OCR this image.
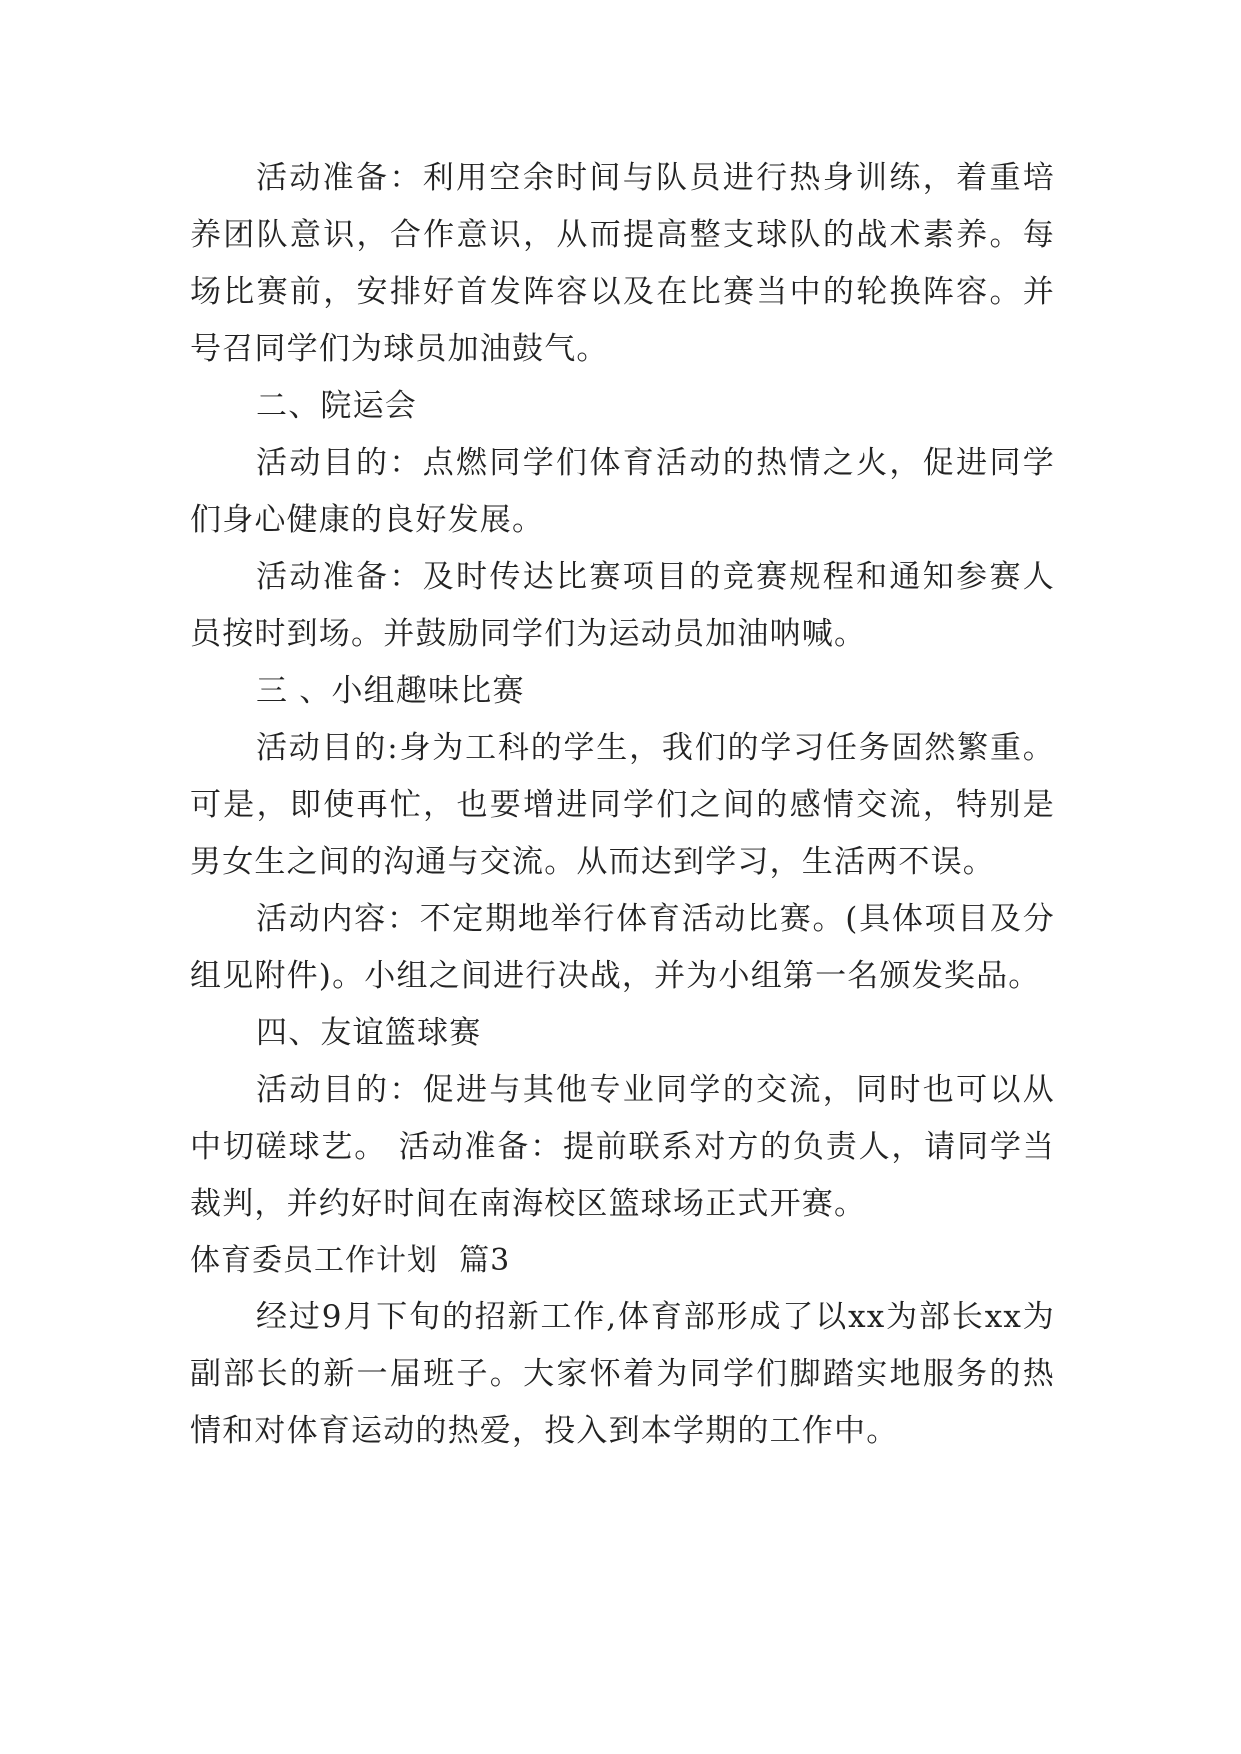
活动准备：利用空余时间与队员进行热身训练，着重培养团队意识，合作意识，从而提高整支球队的战术素养。每场比赛前，安排好首发阵容以及在比赛当中的轮换阵容。并号召同学们为球员加油鼓气。

二、院运会

活动目的：点燃同学们体育活动的热情之火，促进同学们身心健康的良好发展。

活动准备：及时传达比赛项目的竞赛规程和通知参赛人员按时到场。并鼓励同学们为运动员加油呐喊。

三 、小组趣味比赛

活动目的:身为工科的学生，我们的学习任务固然繁重。可是，即使再忙，也要增进同学们之间的感情交流，特别是男女生之间的沟通与交流。从而达到学习，生活两不误。

活动内容：不定期地举行体育活动比赛。(具体项目及分组见附件)。小组之间进行决战，并为小组第一名颁发奖品。

四、友谊篮球赛

活动目的：促进与其他专业同学的交流，同时也可以从中切磋球艺。 活动准备：提前联系对方的负责人，请同学当裁判，并约好时间在南海校区篮球场正式开赛。

体育委员工作计划  篇3

经过9月下旬的招新工作,体育部形成了以xx为部长xx为副部长的新一届班子。大家怀着为同学们脚踏实地服务的热情和对体育运动的热爱，投入到本学期的工作中。
